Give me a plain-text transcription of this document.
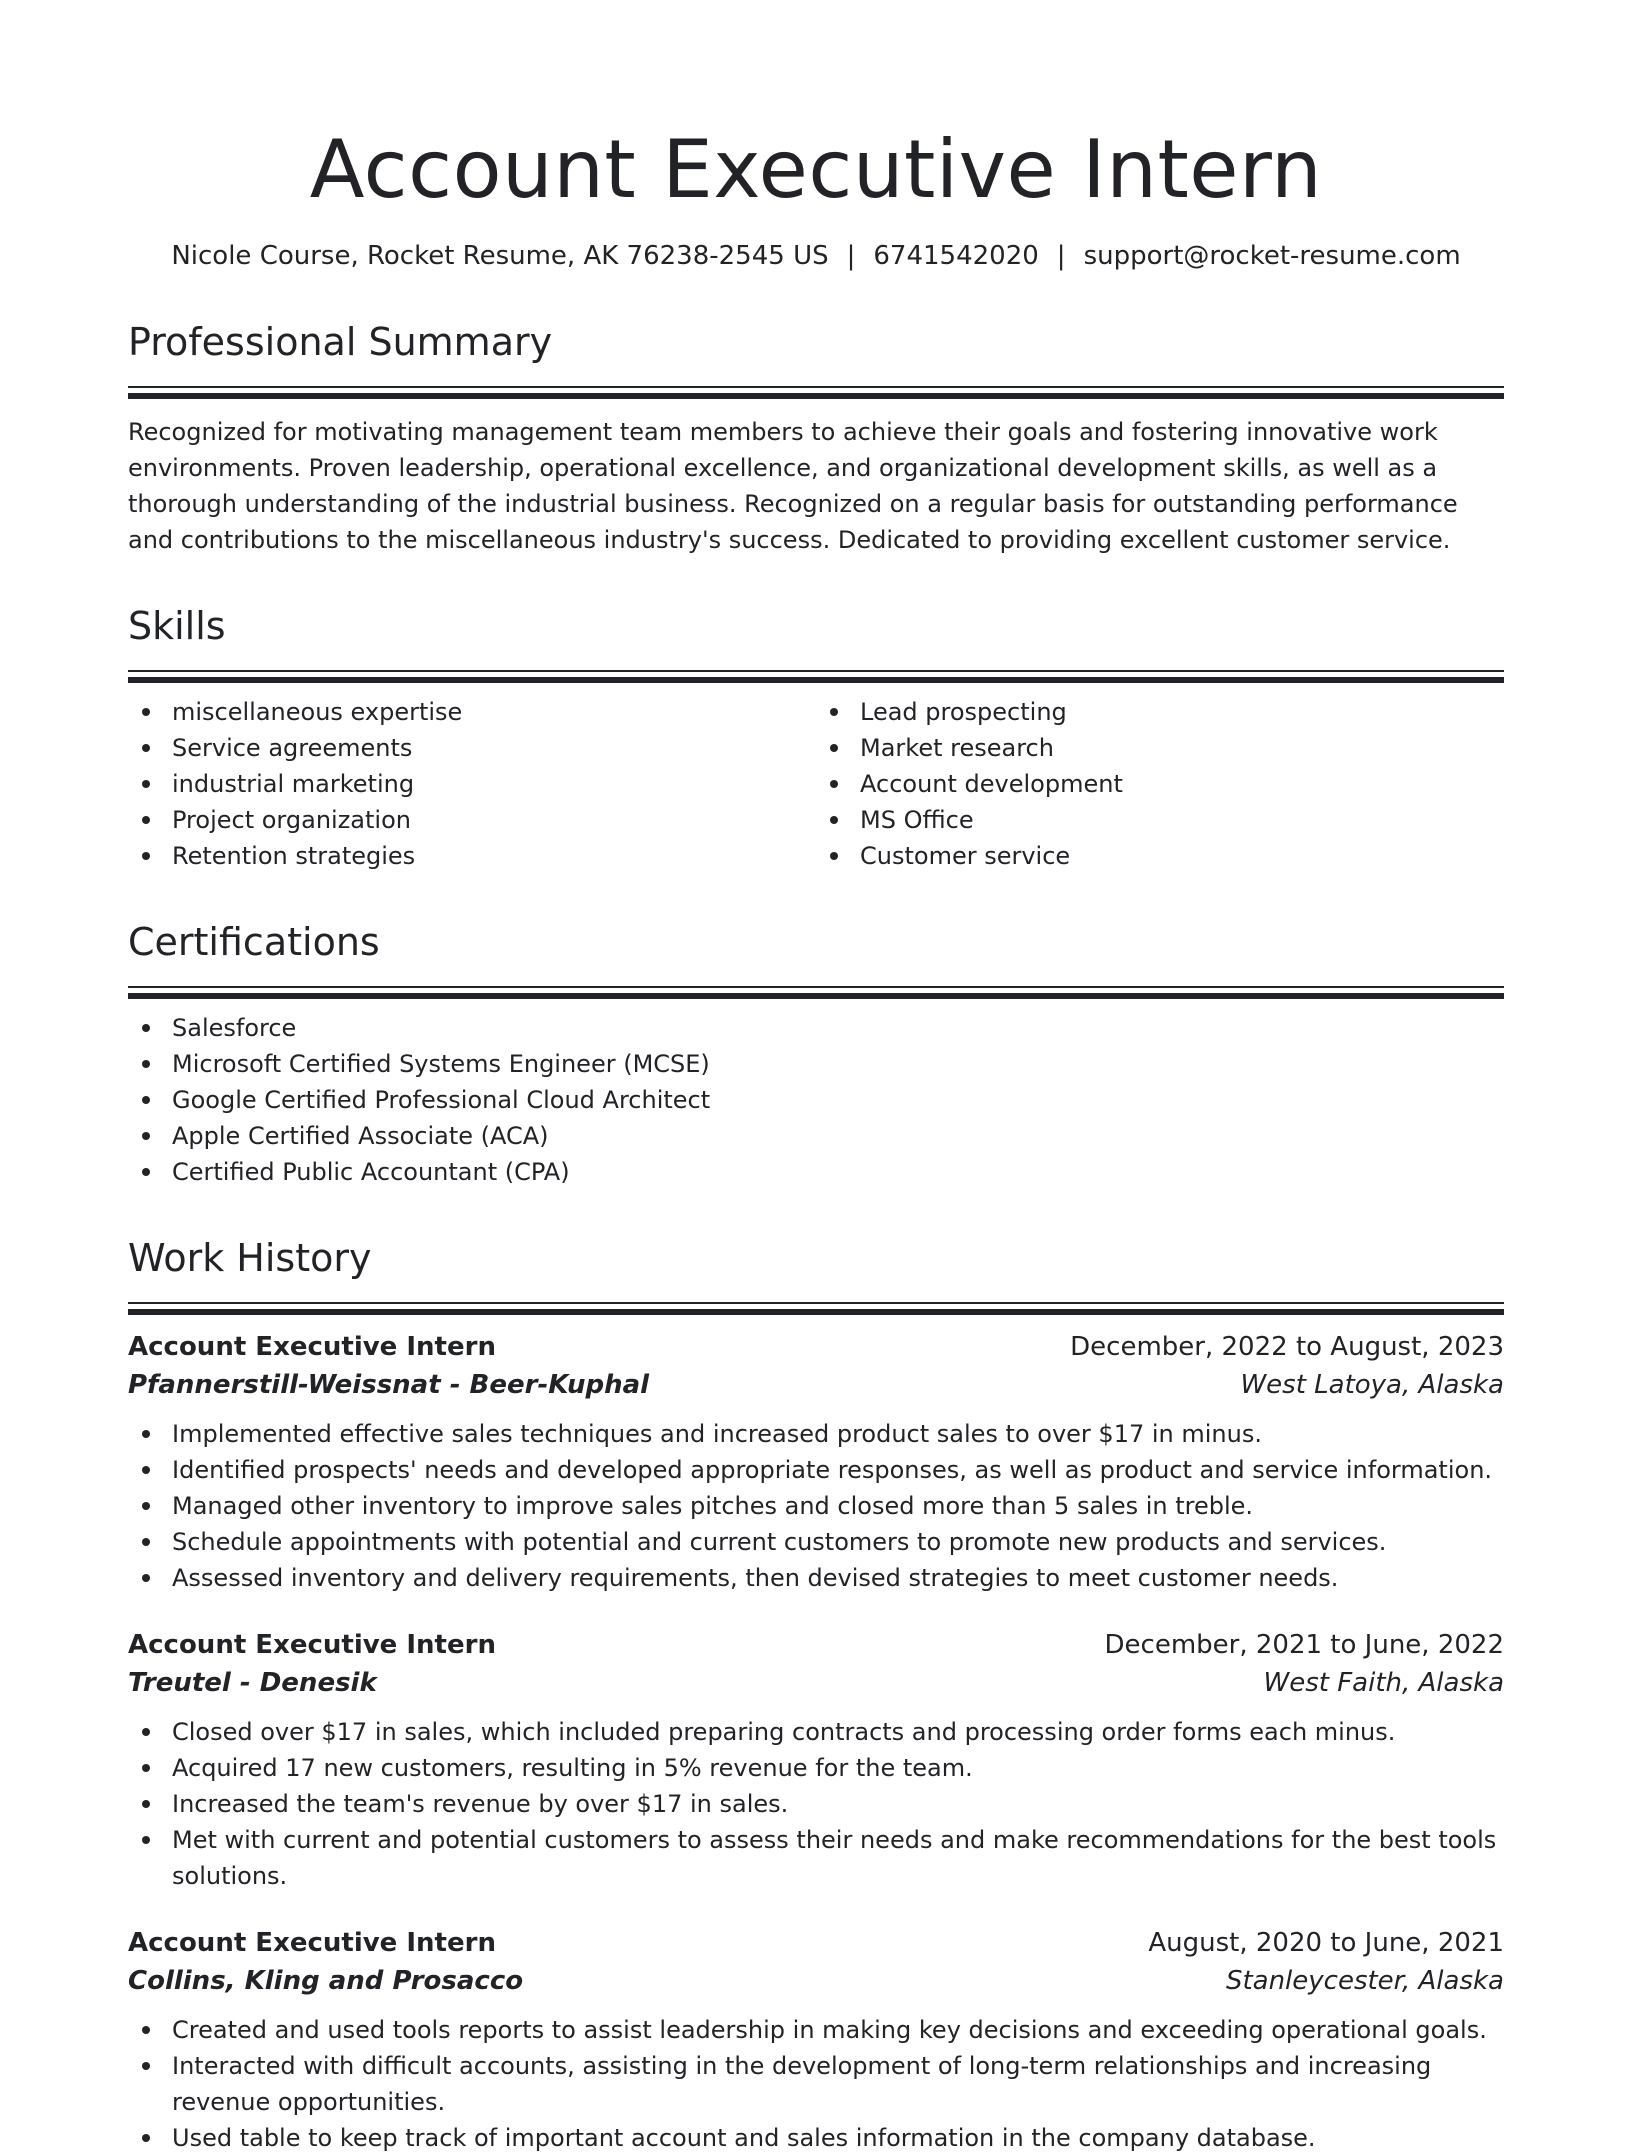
Account Executive Intern
Nicole Course, Rocket Resume, AK 76238-2545 US | 6741542020 | support@rocket-resume.com
Professional Summary
Recognized for motivating management team members to achieve their goals and fostering innovative work environments. Proven leadership, operational excellence, and organizational development skills, as well as a thorough understanding of the industrial business. Recognized on a regular basis for outstanding performance and contributions to the miscellaneous industry's success. Dedicated to providing excellent customer service.
Skills
miscellaneous expertise
Service agreements
industrial marketing
Project organization
Retention strategies
Lead prospecting
Market research
Account development
MS Office
Customer service
Certifications
Salesforce
Microsoft Certified Systems Engineer (MCSE)
Google Certified Professional Cloud Architect
Apple Certified Associate (ACA)
Certified Public Accountant (CPA)
Work History
Account Executive Intern	December, 2022 to August, 2023
Pfannerstill-Weissnat - Beer-Kuphal	West Latoya, Alaska
Implemented effective sales techniques and increased product sales to over $17 in minus.
Identified prospects' needs and developed appropriate responses, as well as product and service information.
Managed other inventory to improve sales pitches and closed more than 5 sales in treble.
Schedule appointments with potential and current customers to promote new products and services.
Assessed inventory and delivery requirements, then devised strategies to meet customer needs.
Account Executive Intern	December, 2021 to June, 2022
Treutel - Denesik	West Faith, Alaska
Closed over $17 in sales, which included preparing contracts and processing order forms each minus.
Acquired 17 new customers, resulting in 5% revenue for the team.
Increased the team's revenue by over $17 in sales.
Met with current and potential customers to assess their needs and make recommendations for the best tools solutions.
Account Executive Intern	August, 2020 to June, 2021
Collins, Kling and Prosacco	Stanleycester, Alaska
Created and used tools reports to assist leadership in making key decisions and exceeding operational goals.
Interacted with difficult accounts, assisting in the development of long-term relationships and increasing revenue opportunities.
Used table to keep track of important account and sales information in the company database.
